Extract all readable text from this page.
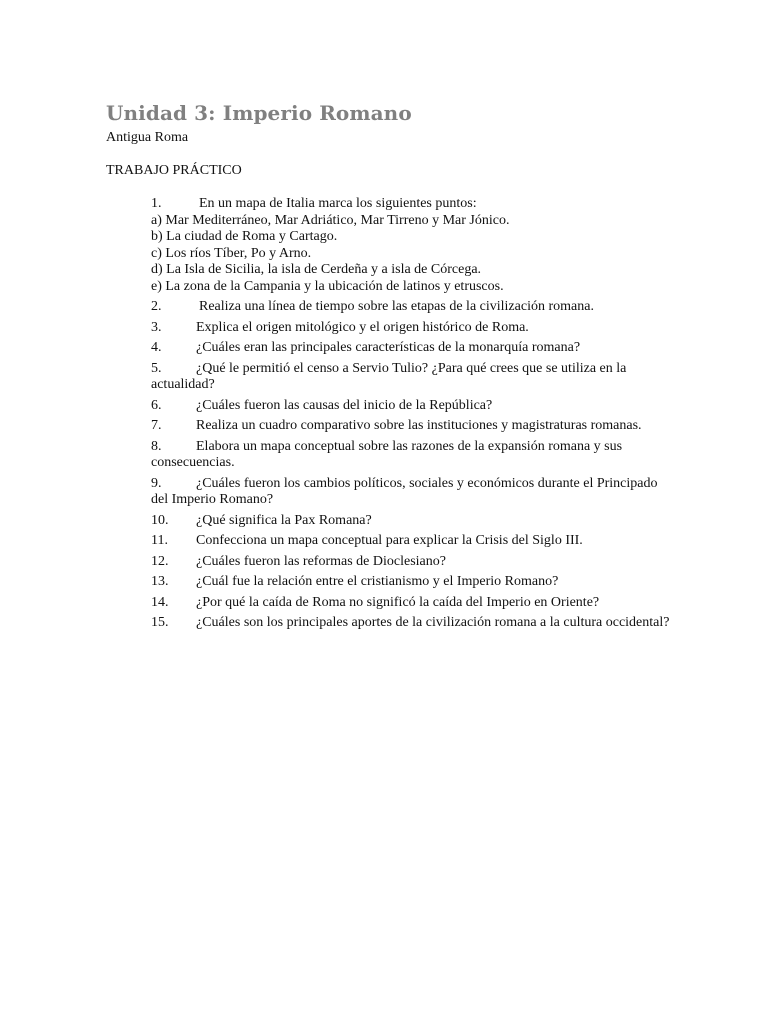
Unidad 3: Imperio Romano
Antigua Roma
TRABAJO PRÁCTICO

1.	En un mapa de Italia marca los siguientes puntos:

a) Mar Mediterráneo, Mar Adriático, Mar Tirreno y Mar Jónico.

b) La ciudad de Roma y Cartago.

c) Los ríos Tíber, Po y Arno.

d) La Isla de Sicilia, la isla de Cerdeña y a isla de Córcega.

e) La zona de la Campania y la ubicación de latinos y etruscos.

2.	Realiza una línea de tiempo sobre las etapas de la civilización romana.

3. Explica el origen mitológico y el origen histórico de Roma.

4. ¿Cuáles eran las principales características de la monarquía romana?

5. ¿Qué le permitió el censo a Servio Tulio? ¿Para qué crees que se utiliza en la actualidad?

6. ¿Cuáles fueron las causas del inicio de la República?

7. Realiza un cuadro comparativo sobre las instituciones y magistraturas romanas.

8. Elabora un mapa conceptual sobre las razones de la expansión romana y sus consecuencias.

9. ¿Cuáles fueron los cambios políticos, sociales y económicos durante el Principado del Imperio Romano?

10. ¿Qué significa la Pax Romana?

11. Confecciona un mapa conceptual para explicar la Crisis del Siglo III.

12. ¿Cuáles fueron las reformas de Dioclesiano?

13. ¿Cuál fue la relación entre el cristianismo y el Imperio Romano?

14. ¿Por qué la caída de Roma no significó la caída del Imperio en Oriente?

15. ¿Cuáles son los principales aportes de la civilización romana a la cultura occidental?
